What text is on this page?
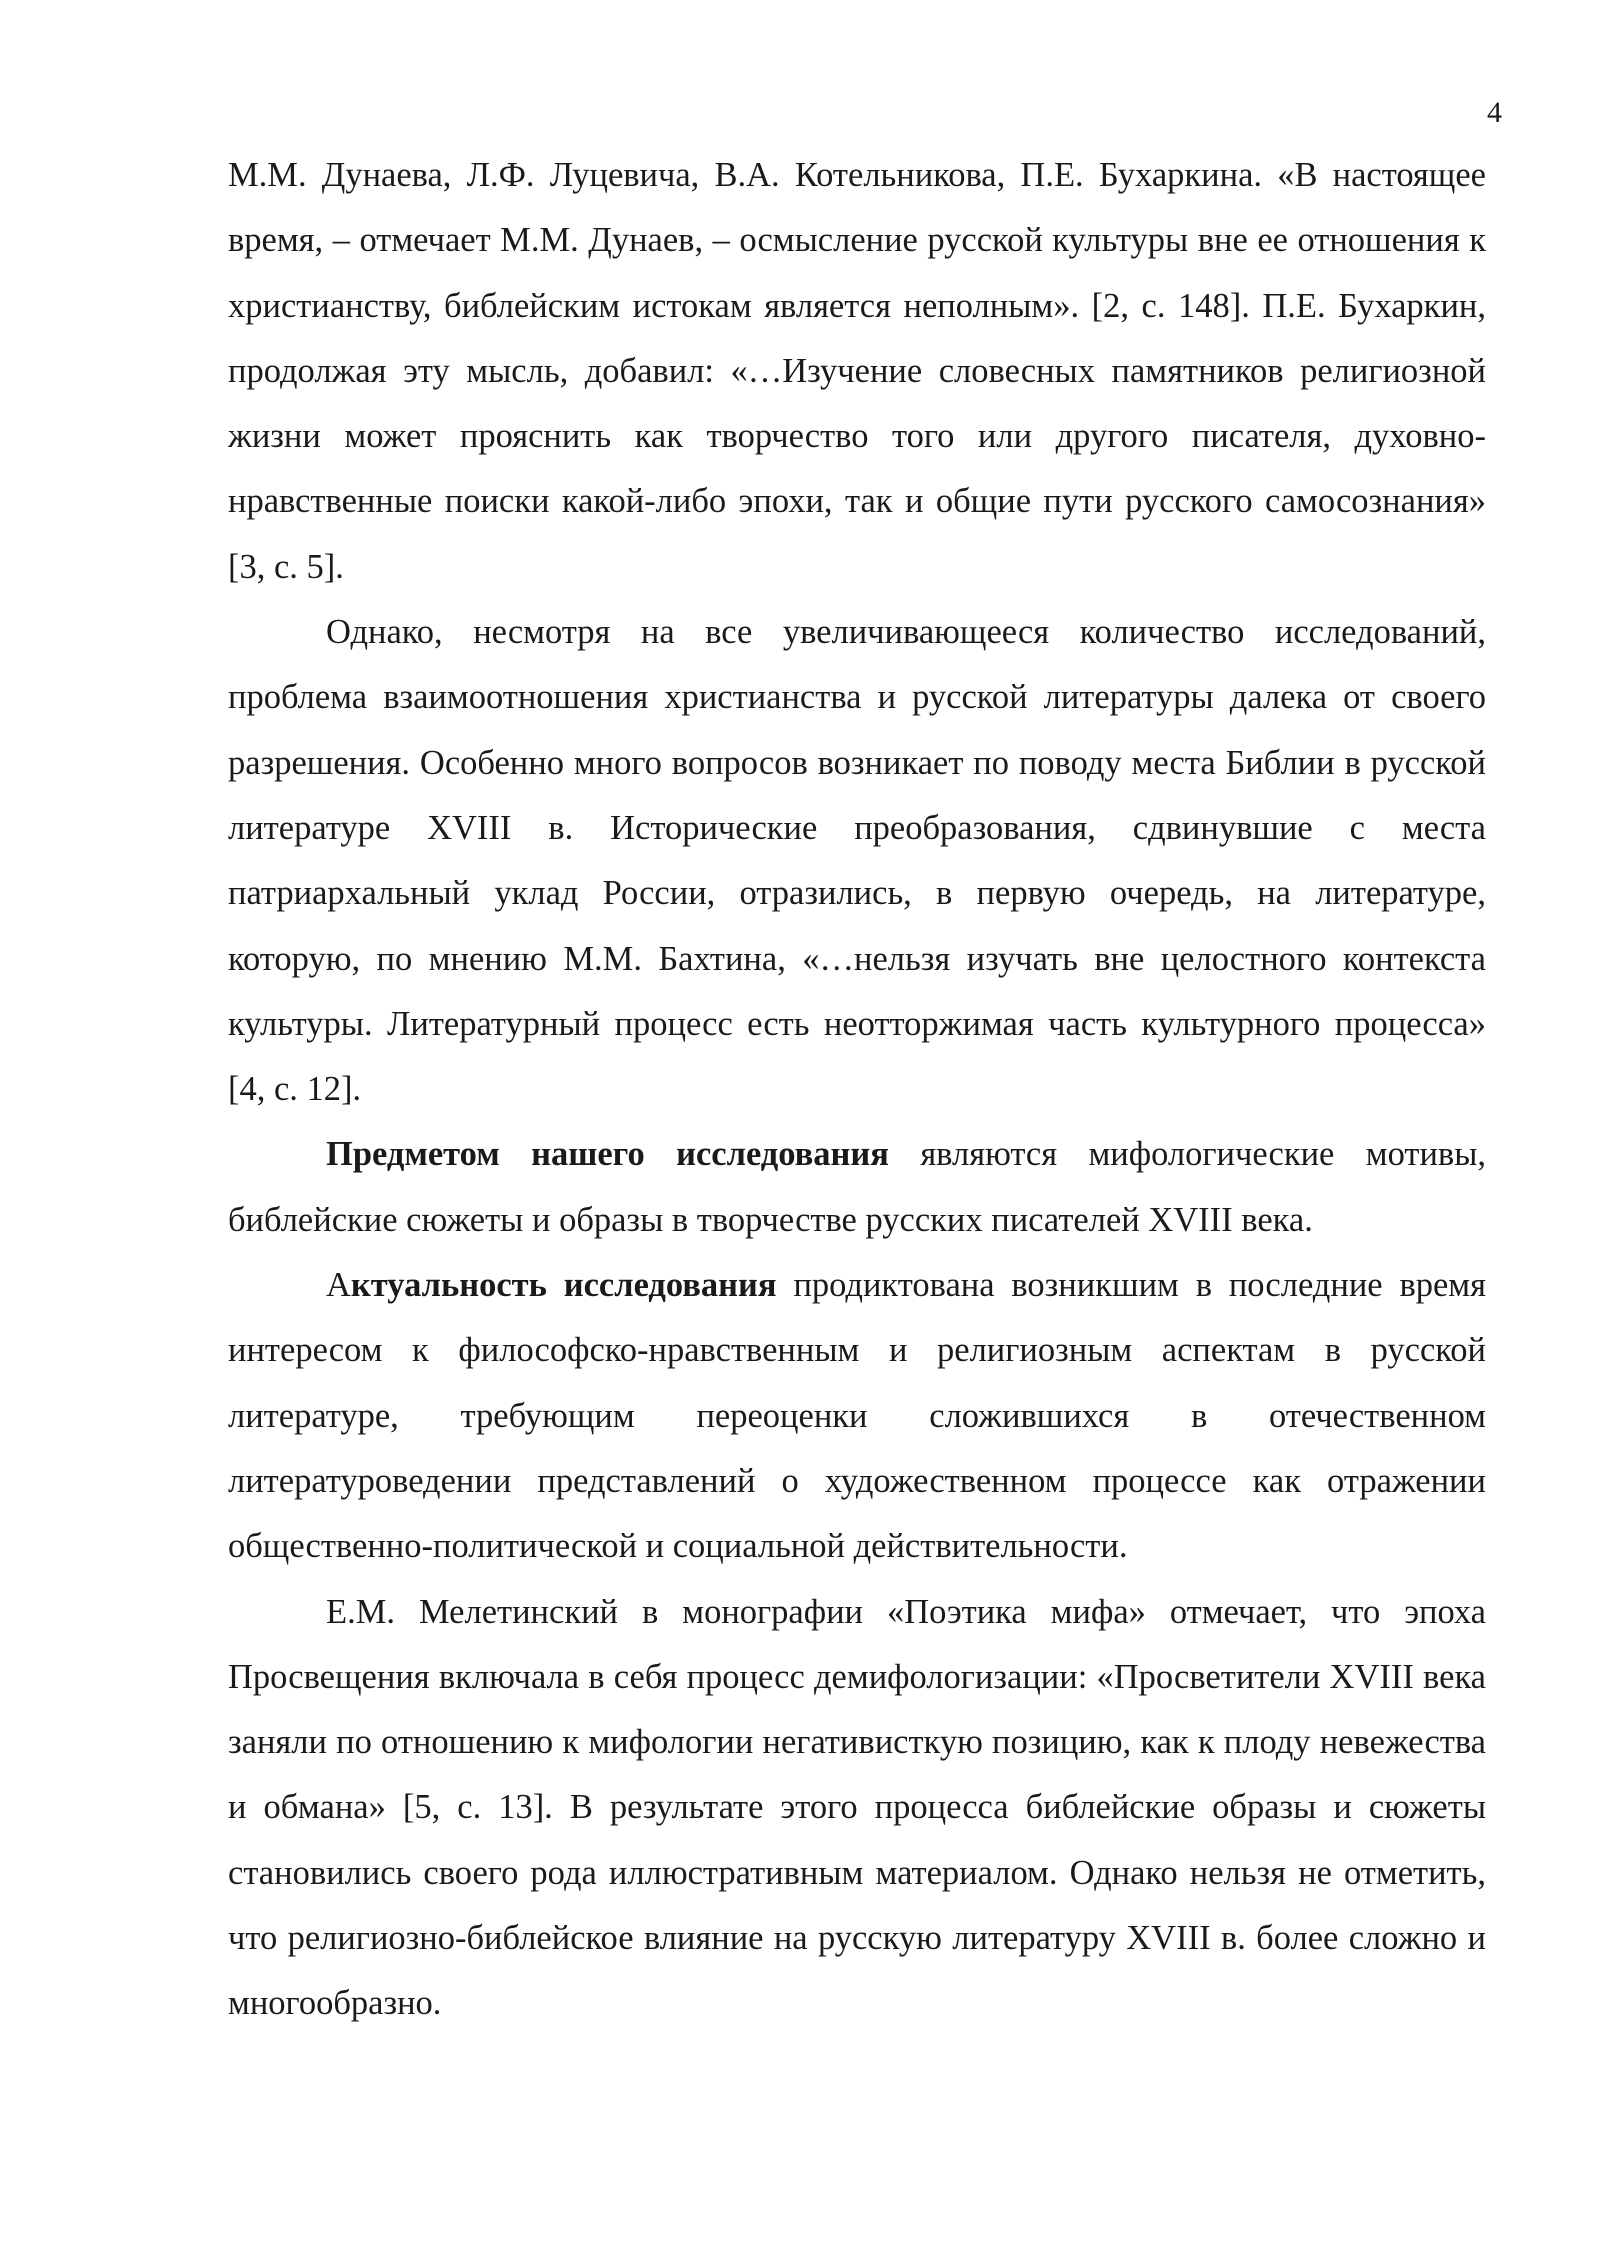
4

М.М. Дунаева, Л.Ф. Луцевича, В.А. Котельникова, П.Е. Бухаркина. «В настоящее время, – отмечает М.М. Дунаев, – осмысление русской культуры вне ее отношения к христианству, библейским истокам является неполным». [2, с. 148]. П.Е. Бухаркин, продолжая эту мысль, добавил: «…Изучение словесных памятников религиозной жизни может прояснить как творчество того или другого писателя, духовно-нравственные поиски какой-либо эпохи, так и общие пути русского самосознания» [3, с. 5].

Однако, несмотря на все увеличивающееся количество исследований, проблема взаимоотношения христианства и русской литературы далека от своего разрешения. Особенно много вопросов возникает по поводу места Библии в русской литературе XVIII в. Исторические преобразования, сдвинувшие с места патриархальный уклад России, отразились, в первую очередь, на литературе, которую, по мнению М.М. Бахтина, «…нельзя изучать вне целостного контекста культуры. Литературный процесс есть неотторжимая часть культурного процесса» [4, с. 12].

Предметом нашего исследования являются мифологические мотивы, библейские сюжеты и образы в творчестве русских писателей XVIII века.

Актуальность исследования продиктована возникшим в последние время интересом к философско-нравственным и религиозным аспектам в русской литературе, требующим переоценки сложившихся в отечественном литературоведении представлений о художественном процессе как отражении общественно-политической и социальной действительности.

Е.М. Мелетинский в монографии «Поэтика мифа» отмечает, что эпоха Просвещения включала в себя процесс демифологизации: «Просветители XVIII века заняли по отношению к мифологии негативисткую позицию, как к плоду невежества и обмана» [5, с. 13]. В результате этого процесса библейские образы и сюжеты становились своего рода иллюстративным материалом. Однако нельзя не отметить, что религиозно-библейское влияние на русскую литературу XVIII в. более сложно и многообразно.
